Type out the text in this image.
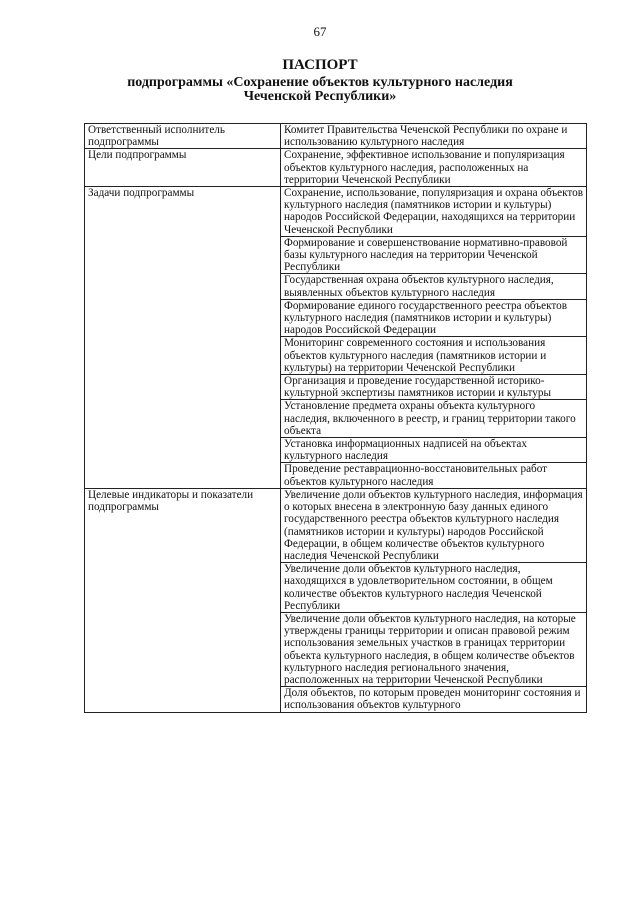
67
ПАСПОРТ
подпрограммы «Сохранение объектов культурного наследия Чеченской Республики»
Ответственный исполнитель подпрограммы	Комитет Правительства Чеченской Республики по охране и использованию культурного наследия
Цели подпрограммы	Сохранение, эффективное использование и популяризация объектов культурного наследия, расположенных на территории Чеченской Республики
Задачи подпрограммы	Сохранение, использование, популяризация и охрана объектов культурного наследия (памятников истории и культуры) народов Российской Федерации, находящихся на территории Чеченской Республики
	Формирование и совершенствование нормативно-правовой базы культурного наследия на территории Чеченской Республики
	Государственная охрана объектов культурного наследия, выявленных объектов культурного наследия
	Формирование единого государственного реестра объектов культурного наследия (памятников истории и культуры) народов Российской Федерации
	Мониторинг современного состояния и использования объектов культурного наследия (памятников истории и культуры) на территории Чеченской Республики
	Организация и проведение государственной историко-культурной экспертизы памятников истории и культуры
	Установление предмета охраны объекта культурного наследия, включенного в реестр, и границ территории такого объекта
	Установка информационных надписей на объектах культурного наследия
	Проведение реставрационно-восстановительных работ объектов культурного наследия
Целевые индикаторы и показатели подпрограммы	Увеличение доли объектов культурного наследия, информация о которых внесена в электронную базу данных единого государственного реестра объектов культурного наследия (памятников истории и культуры) народов Российской Федерации, в общем количестве объектов культурного наследия Чеченской Республики
	Увеличение доли объектов культурного наследия, находящихся в удовлетворительном состоянии, в общем количестве объектов культурного наследия Чеченской Республики
	Увеличение доли объектов культурного наследия, на которые утверждены границы территории и описан правовой режим использования земельных участков в границах территории объекта культурного наследия, в общем количестве объектов культурного наследия регионального значения, расположенных на территории Чеченской Республики
	Доля объектов, по которым проведен мониторинг состояния и использования объектов культурного
